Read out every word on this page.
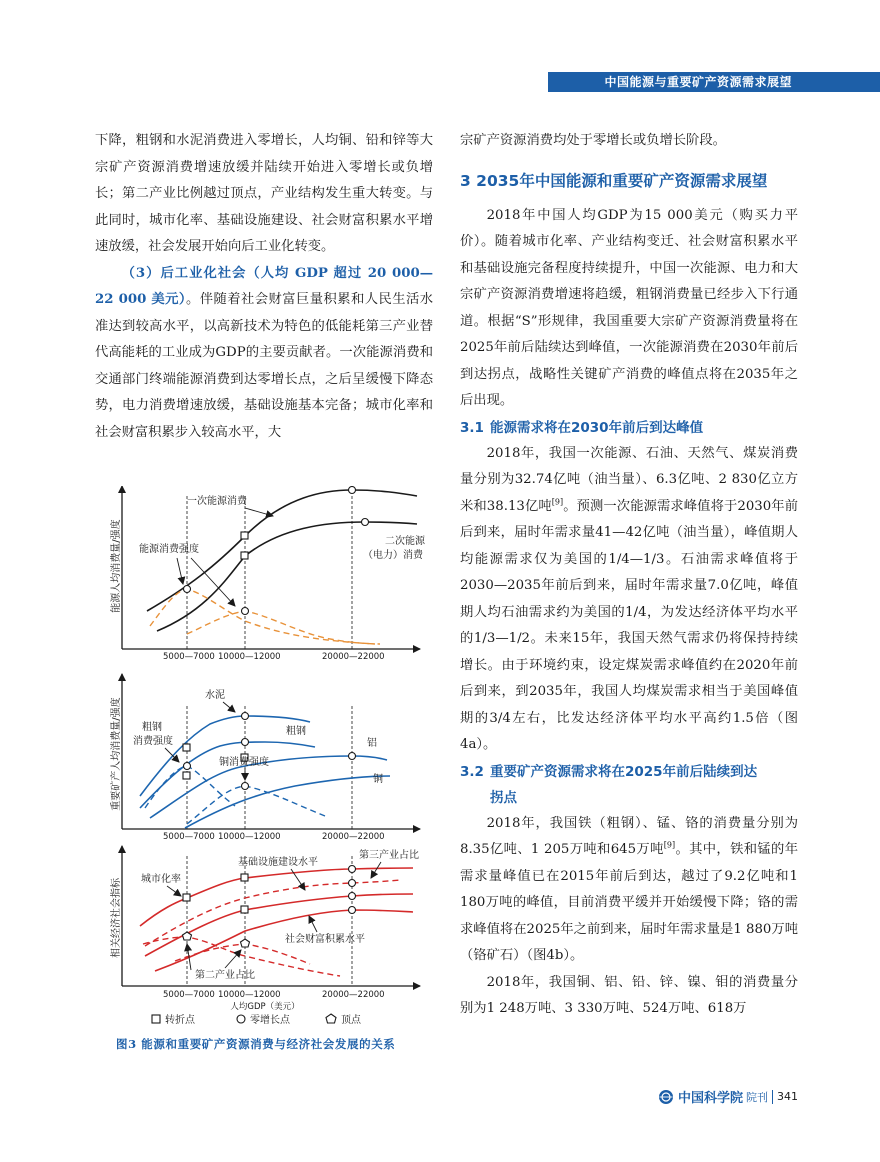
中国能源与重要矿产资源需求展望

下降，粗钢和水泥消费进入零增长，人均铜、铅和锌等大宗矿产资源消费增速放缓并陆续开始进入零增长或负增长；第二产业比例越过顶点，产业结构发生重大转变。与此同时，城市化率、基础设施建设、社会财富积累水平增速放缓，社会发展开始向后工业化转变。

（3）后工业化社会（人均 GDP 超过 20 000—22 000 美元）。伴随着社会财富巨量积累和人民生活水准达到较高水平，以高新技术为特色的低能耗第三产业替代高能耗的工业成为GDP的主要贡献者。一次能源消费和交通部门终端能源消费到达零增长点，之后呈缓慢下降态势，电力消费增速放缓，基础设施基本完备；城市化率和社会财富积累步入较高水平，大

宗矿产资源消费均处于零增长或负增长阶段。

3 2035年中国能源和重要矿产资源需求展望

2018年中国人均GDP为15 000美元（购买力平价）。随着城市化率、产业结构变迁、社会财富积累水平和基础设施完备程度持续提升，中国一次能源、电力和大宗矿产资源消费增速将趋缓，粗钢消费量已经步入下行通道。根据“S”形规律，我国重要大宗矿产资源消费量将在2025年前后陆续达到峰值，一次能源消费在2030年前后到达拐点，战略性关键矿产消费的峰值点将在2035年之后出现。

3.1 能源需求将在2030年前后到达峰值

2018年，我国一次能源、石油、天然气、煤炭消费量分别为32.74亿吨（油当量）、6.3亿吨、2 830亿立方米和38.13亿吨[9]。预测一次能源需求峰值将于2030年前后到来，届时年需求量41—42亿吨（油当量），峰值期人均能源需求仅为美国的1/4—1/3。石油需求峰值将于2030—2035年前后到来，届时年需求量7.0亿吨，峰值期人均石油需求约为美国的1/4，为发达经济体平均水平的1/3—1/2。未来15年，我国天然气需求仍将保持持续增长。由于环境约束，设定煤炭需求峰值约在2020年前后到来，到2035年，我国人均煤炭需求相当于美国峰值期的3/4左右，比发达经济体平均水平高约1.5倍（图4a）。

3.2 重要矿产资源需求将在2025年前后陆续到达
拐点

2018年，我国铁（粗钢）、锰、铬的消费量分别为8.35亿吨、1 205万吨和645万吨[9]。其中，铁和锰的年需求量峰值已在2015年前后到达，越过了9.2亿吨和1 180万吨的峰值，目前消费平缓并开始缓慢下降；铬的需求峰值将在2025年之前到来，届时年需求量是1 880万吨（铬矿石）（图4b）。

2018年，我国铜、铝、铅、锌、镍、钼的消费量分别为1 248万吨、3 330万吨、524万吨、618万

一次能源消费
能源消费强度
二次能源
（电力）消费
能源人均消费量/强度
5000—7000 10000—12000	20000—22000
水泥
粗钢
粗钢
消费强度
铜消费强度
铝
铜
重要矿产人均消费量/强度
5000—7000 10000—12000	20000—22000
城市化率
基础设施建设水平
第三产业占比
社会财富积累水平
第二产业占比
相关经济社会指标
5000—7000 10000—12000	20000—22000
人均GDP（美元）
转折点	零增长点	顶点
图3 能源和重要矿产资源消费与经济社会发展的关系
中国科学院 院刊 341
